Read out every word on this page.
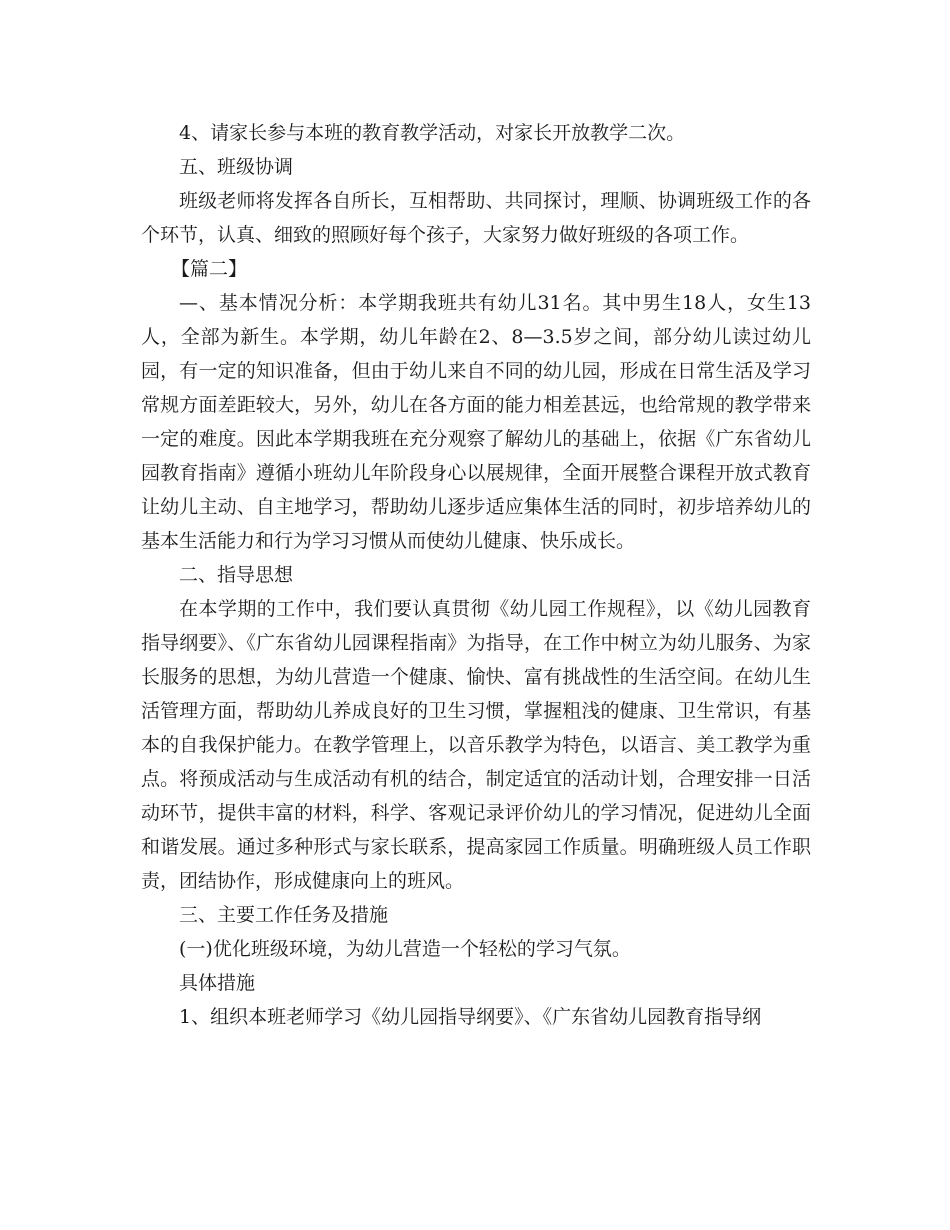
4、请家长参与本班的教育教学活动，对家长开放教学二次。

五、班级协调

班级老师将发挥各自所长，互相帮助、共同探讨，理顺、协调班级工作的各个环节，认真、细致的照顾好每个孩子，大家努力做好班级的各项工作。

【篇二】

—、基本情况分析：本学期我班共有幼儿31名。其中男生18人，女生13人，全部为新生。本学期，幼儿年龄在2、8—3.5岁之间，部分幼儿读过幼儿园，有一定的知识准备，但由于幼儿来自不同的幼儿园，形成在日常生活及学习常规方面差距较大，另外，幼儿在各方面的能力相差甚远，也给常规的教学带来一定的难度。因此本学期我班在充分观察了解幼儿的基础上，依据《广东省幼儿园教育指南》遵循小班幼儿年阶段身心以展规律，全面开展整合课程开放式教育让幼儿主动、自主地学习，帮助幼儿逐步适应集体生活的同时，初步培养幼儿的基本生活能力和行为学习习惯从而使幼儿健康、快乐成长。

二、指导思想

在本学期的工作中，我们要认真贯彻《幼儿园工作规程》，以《幼儿园教育指导纲要》、《广东省幼儿园课程指南》为指导，在工作中树立为幼儿服务、为家长服务的思想，为幼儿营造一个健康、愉快、富有挑战性的生活空间。在幼儿生活管理方面，帮助幼儿养成良好的卫生习惯，掌握粗浅的健康、卫生常识，有基本的自我保护能力。在教学管理上，以音乐教学为特色，以语言、美工教学为重点。将预成活动与生成活动有机的结合，制定适宜的活动计划，合理安排一日活动环节，提供丰富的材料，科学、客观记录评价幼儿的学习情况，促进幼儿全面和谐发展。通过多种形式与家长联系，提高家园工作质量。明确班级人员工作职责，团结协作，形成健康向上的班风。

三、主要工作任务及措施

(一)优化班级环境，为幼儿营造一个轻松的学习气氛。

具体措施

1、组织本班老师学习《幼儿园指导纲要》、《广东省幼儿园教育指导纲
